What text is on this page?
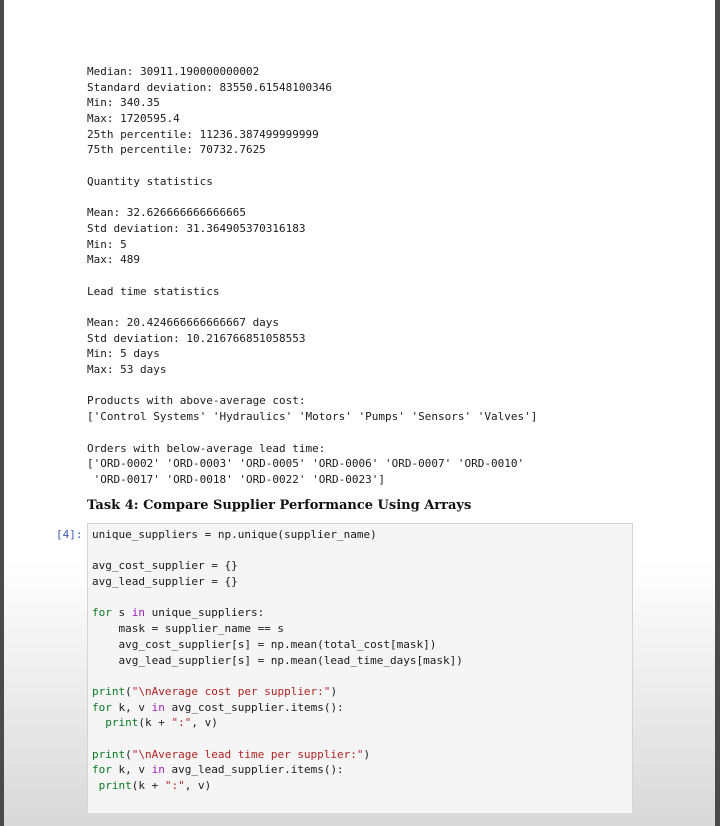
Median: 30911.190000000002
Standard deviation: 83550.61548100346
Min: 340.35
Max: 1720595.4
25th percentile: 11236.387499999999
75th percentile: 70732.7625
Quantity statistics
Mean: 32.626666666666665
Std deviation: 31.364905370316183
Min: 5
Max: 489
Lead time statistics
Mean: 20.424666666666667 days
Std deviation: 10.216766851058553
Min: 5 days
Max: 53 days
Products with above-average cost:
['Control Systems' 'Hydraulics' 'Motors' 'Pumps' 'Sensors' 'Valves']
Orders with below-average lead time:
['ORD-0002' 'ORD-0003' 'ORD-0005' 'ORD-0006' 'ORD-0007' 'ORD-0010'
'ORD-0017' 'ORD-0018' 'ORD-0022' 'ORD-0023']
Task 4: Compare Supplier Performance Using Arrays
[4]: unique_suppliers = np.unique(supplier_name)
avg_cost_supplier = {}
avg_lead_supplier = {}
for s in unique_suppliers:
mask = supplier_name == s
avg_cost_supplier[s] = np.mean(total_cost[mask])
avg_lead_supplier[s] = np.mean(lead_time_days[mask])
print("\nAverage cost per supplier:")
for k, v in avg_cost_supplier.items():
print(k + ":", v)
print("\nAverage lead time per supplier:")
for k, v in avg_lead_supplier.items():
print(k + ":", v)
